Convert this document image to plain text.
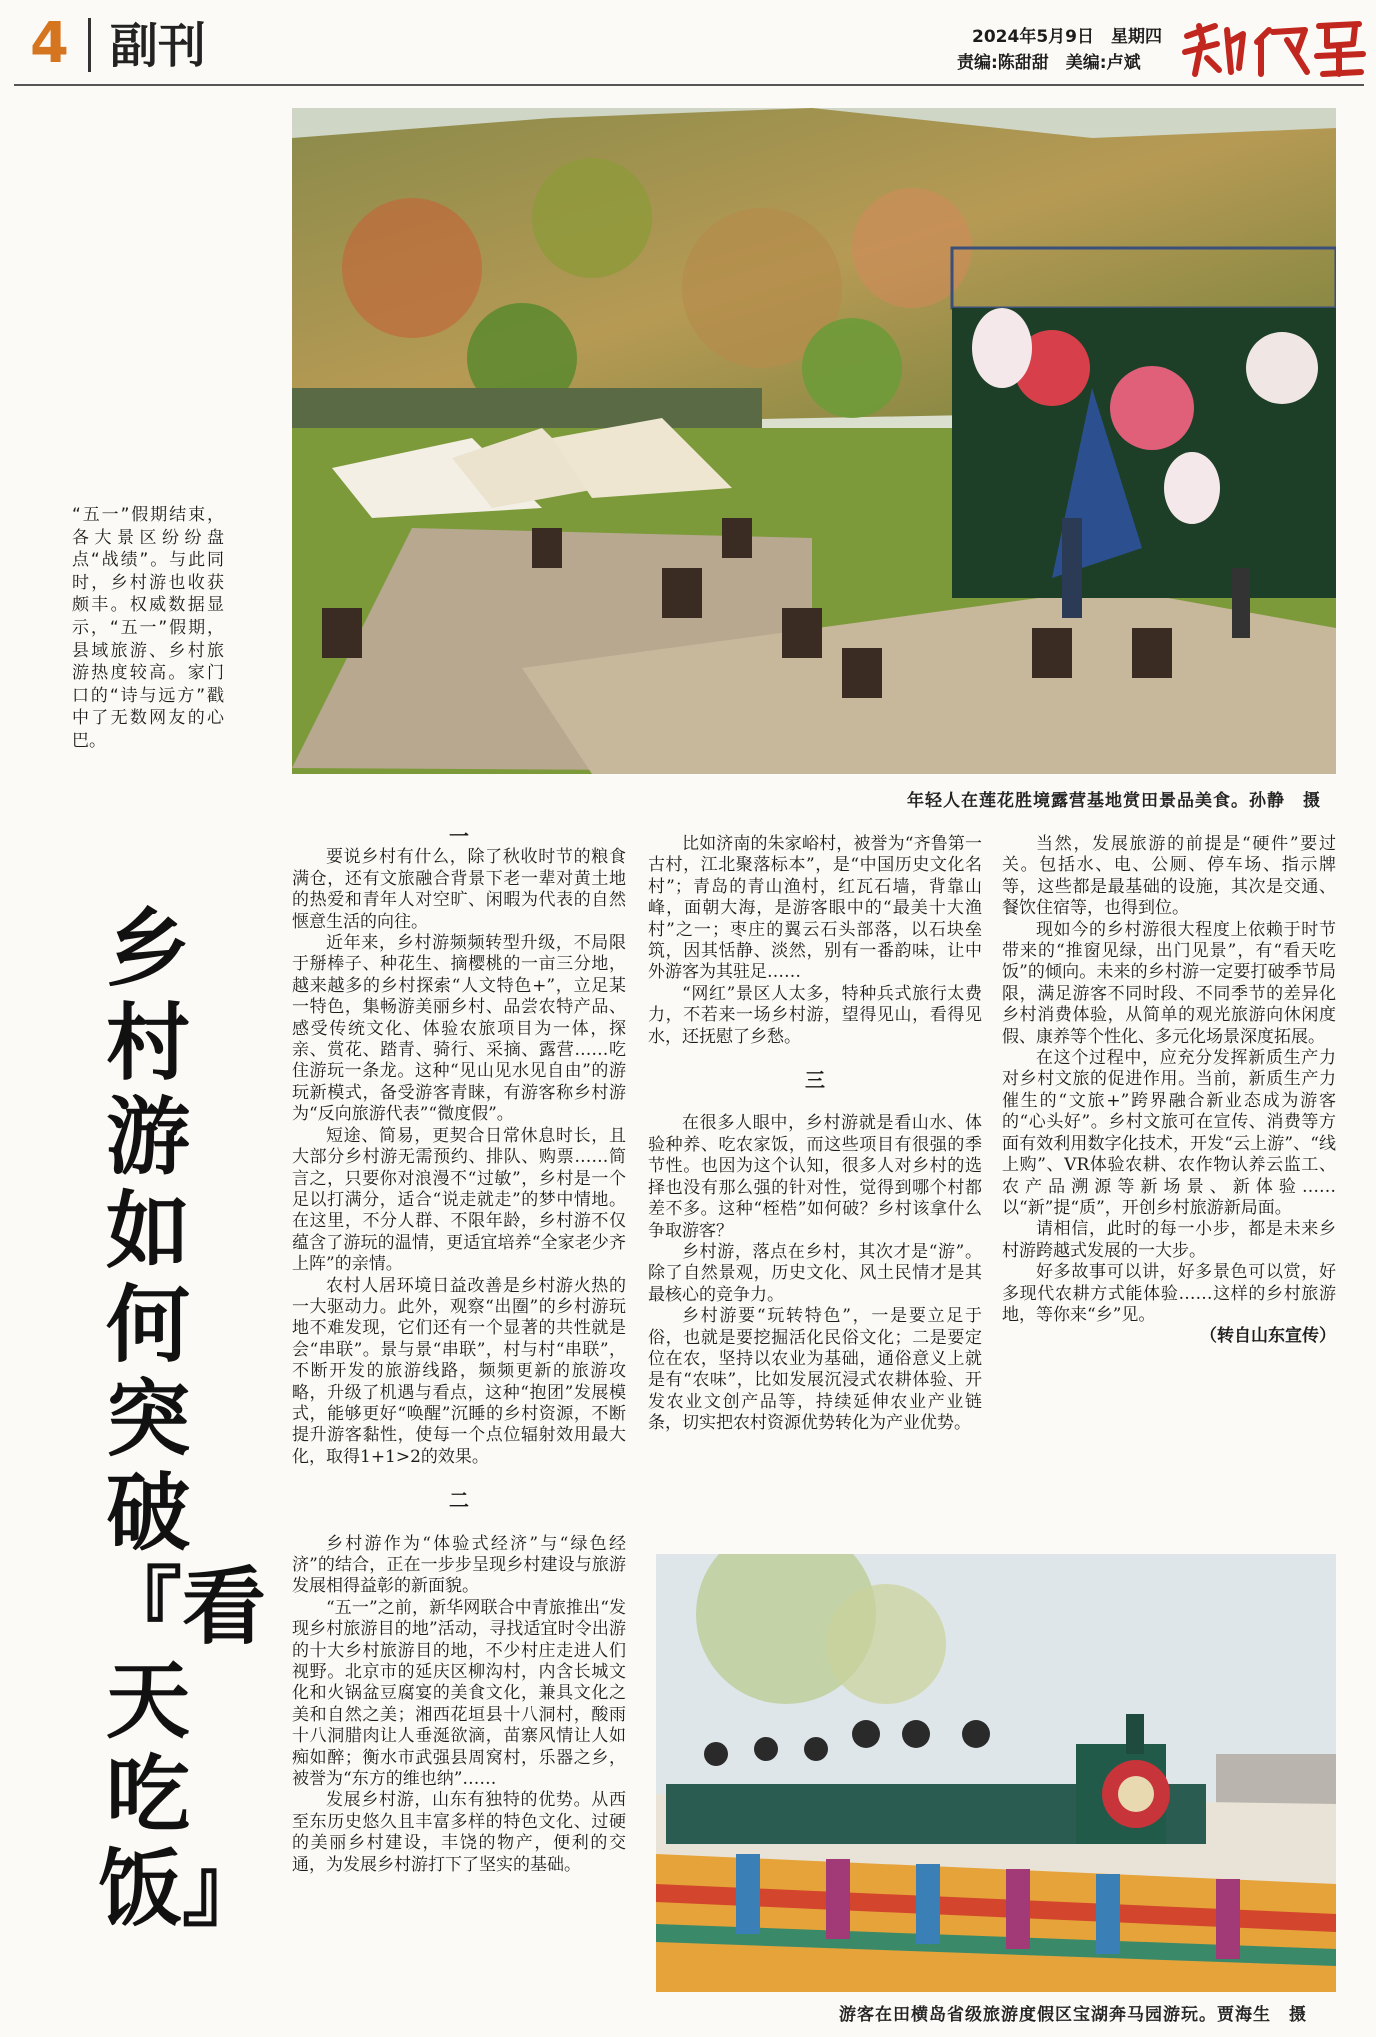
4 副刊	2024年5月9日　星期四
责编:陈甜甜　美编:卢斌
年轻人在莲花胜境露营基地赏田景品美食。孙静　摄
“五一”假期结束，各大景区纷纷盘点“战绩”。与此同时，乡村游也收获颇丰。权威数据显示，“五一”假期，县域旅游、乡村旅游热度较高。家门口的“诗与远方”戳中了无数网友的心巴。
乡村游如何突破『看天吃饭』

一

要说乡村有什么，除了秋收时节的粮食满仓，还有文旅融合背景下老一辈对黄土地的热爱和青年人对空旷、闲暇为代表的自然惬意生活的向往。

近年来，乡村游频频转型升级，不局限于掰棒子、种花生、摘樱桃的一亩三分地，越来越多的乡村探索“人文特色+”，立足某一特色，集畅游美丽乡村、品尝农特产品、感受传统文化、体验农旅项目为一体，探亲、赏花、踏青、骑行、采摘、露营……吃住游玩一条龙。这种“见山见水见自由”的游玩新模式，备受游客青睐，有游客称乡村游为“反向旅游代表”“微度假”。

短途、简易，更契合日常休息时长，且大部分乡村游无需预约、排队、购票……简言之，只要你对浪漫不“过敏”，乡村是一个足以打满分，适合“说走就走”的梦中情地。在这里，不分人群、不限年龄，乡村游不仅蕴含了游玩的温情，更适宜培养“全家老少齐上阵”的亲情。

农村人居环境日益改善是乡村游火热的一大驱动力。此外，观察“出圈”的乡村游玩地不难发现，它们还有一个显著的共性就是会“串联”。景与景“串联”，村与村“串联”，不断开发的旅游线路，频频更新的旅游攻略，升级了机遇与看点，这种“抱团”发展模式，能够更好“唤醒”沉睡的乡村资源，不断提升游客黏性，使每一个点位辐射效用最大化，取得1+1>2的效果。

二

乡村游作为“体验式经济”与“绿色经济”的结合，正在一步步呈现乡村建设与旅游发展相得益彰的新面貌。

“五一”之前，新华网联合中青旅推出“发现乡村旅游目的地”活动，寻找适宜时令出游的十大乡村旅游目的地，不少村庄走进人们视野。北京市的延庆区柳沟村，内含长城文化和火锅盆豆腐宴的美食文化，兼具文化之美和自然之美；湘西花垣县十八洞村，酸雨十八洞腊肉让人垂涎欲滴，苗寨风情让人如痴如醉；衡水市武强县周窝村，乐器之乡，被誉为“东方的维也纳”……

发展乡村游，山东有独特的优势。从西至东历史悠久且丰富多样的特色文化、过硬的美丽乡村建设，丰饶的物产，便利的交通，为发展乡村游打下了坚实的基础。

比如济南的朱家峪村，被誉为“齐鲁第一古村，江北聚落标本”，是“中国历史文化名村”；青岛的青山渔村，红瓦石墙，背靠山峰，面朝大海，是游客眼中的“最美十大渔村”之一；枣庄的翼云石头部落，以石块垒筑，因其恬静、淡然，别有一番韵味，让中外游客为其驻足……

“网红”景区人太多，特种兵式旅行太费力，不若来一场乡村游，望得见山，看得见水，还抚慰了乡愁。

三

在很多人眼中，乡村游就是看山水、体验种养、吃农家饭，而这些项目有很强的季节性。也因为这个认知，很多人对乡村的选择也没有那么强的针对性，觉得到哪个村都差不多。这种“桎梏”如何破？乡村该拿什么争取游客？

乡村游，落点在乡村，其次才是“游”。除了自然景观，历史文化、风土民情才是其最核心的竞争力。

乡村游要“玩转特色”，一是要立足于俗，也就是要挖掘活化民俗文化；二是要定位在农，坚持以农业为基础，通俗意义上就是有“农味”，比如发展沉浸式农耕体验、开发农业文创产品等，持续延伸农业产业链条，切实把农村资源优势转化为产业优势。

当然，发展旅游的前提是“硬件”要过关。包括水、电、公厕、停车场、指示牌等，这些都是最基础的设施，其次是交通、餐饮住宿等，也得到位。

现如今的乡村游很大程度上依赖于时节带来的“推窗见绿，出门见景”，有“看天吃饭”的倾向。未来的乡村游一定要打破季节局限，满足游客不同时段、不同季节的差异化乡村消费体验，从简单的观光旅游向休闲度假、康养等个性化、多元化场景深度拓展。

在这个过程中，应充分发挥新质生产力对乡村文旅的促进作用。当前，新质生产力催生的“文旅+”跨界融合新业态成为游客的“心头好”。乡村文旅可在宣传、消费等方面有效利用数字化技术，开发“云上游”、“线上购”、VR体验农耕、农作物认养云监工、农产品溯源等新场景、新体验……以“新”提“质”，开创乡村旅游新局面。

请相信，此时的每一小步，都是未来乡村游跨越式发展的一大步。

好多故事可以讲，好多景色可以赏，好多现代农耕方式能体验……这样的乡村旅游地，等你来“乡”见。

（转自山东宣传）

游客在田横岛省级旅游度假区宝湖奔马园游玩。贾海生　摄
